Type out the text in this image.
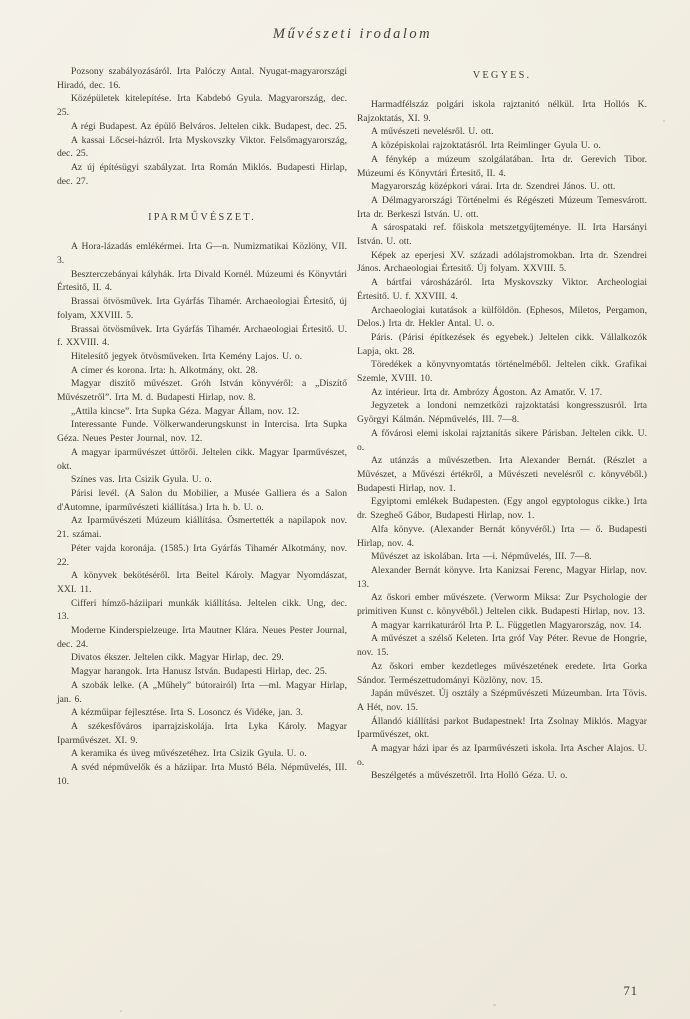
Művészeti irodalom

Pozsony szabályozásáról. Irta Palóczy Antal. Nyugat-magyarországi Hiradó, dec. 16.

Középületek kitelepítése. Irta Kabdebó Gyula. Magyarország, dec. 25.

A régi Budapest. Az épülő Belváros. Jeltelen cikk. Budapest, dec. 25.

A kassai Lőcsei-házról. Irta Myskovszky Viktor. Felsőmagyarország, dec. 25.

Az új építésügyi szabályzat. Irta Román Miklós. Budapesti Hirlap, dec. 27.

IPARMŰVÉSZET.

A Hora-lázadás emlékérmei. Irta G—n. Numizmatikai Közlöny, VII. 3.

Beszterczebányai kályhák. Irta Divald Kornél. Múzeumi és Könyvtári Értesitő, II. 4.

Brassai ötvösművek. Irta Gyárfás Tihamér. Archaeologiai Értesitő, új folyam, XXVIII. 5.

Brassai ötvösművek. Irta Gyárfás Tihamér. Archaeologiai Értesitő. U. f. XXVIII. 4.

Hitelesítő jegyek ötvösműveken. Irta Kemény Lajos. U. o.

A címer és korona. Irta: h. Alkotmány, okt. 28.

Magyar diszítő művészet. Gróh István könyvéről: a „Diszítő Művészetről”. Irta M. d. Budapesti Hirlap, nov. 8.

„Attila kincse”. Irta Supka Géza. Magyar Állam, nov. 12.

Interessante Funde. Völkerwanderungskunst in Intercisa. Irta Supka Géza. Neues Pester Journal, nov. 12.

A magyar iparművészet úttörői. Jeltelen cikk. Magyar Iparművészet, okt.

Színes vas. Irta Csizik Gyula. U. o.

Párisi levél. (A Salon du Mobilier, a Musée Galliera és a Salon d'Automne, iparművészeti kiállítása.) Irta h. b. U. o.

Az Iparművészeti Múzeum kiállítása. Ösmertették a napilapok nov. 21. számai.

Péter vajda koronája. (1585.) Irta Gyárfás Tihamér Alkotmány, nov. 22.

A könyvek bekötéséről. Irta Beitel Károly. Magyar Nyomdászat, XXI. 11.

Cifferi hímző-háziipari munkák kiállítása. Jeltelen cikk. Ung, dec. 13.

Moderne Kinderspielzeuge. Irta Mautner Klára. Neues Pester Journal, dec. 24.

Divatos ékszer. Jeltelen cikk. Magyar Hirlap, dec. 29.

Magyar harangok. Irta Hanusz István. Budapesti Hirlap, dec. 25.

A szobák lelke. (A „Műhely” bútorairól) Irta —ml. Magyar Hirlap, jan. 6.

A kézműipar fejlesztése. Irta S. Losoncz és Vidéke, jan. 3.

A székesfőváros iparrajziskolája. Irta Lyka Károly. Magyar Iparművészet. XI. 9.

A keramika és üveg művészetéhez. Irta Csizik Gyula. U. o.

A svéd népművelők és a háziipar. Irta Mustó Béla. Népművelés, III. 10.

VEGYES.

Harmadfélszáz polgári iskola rajztanitó nélkül. Irta Hollós K. Rajzoktatás, XI. 9.

A művészeti nevelésről. U. ott.

A középiskolai rajzoktatásról. Irta Reimlinger Gyula U. o.

A fénykép a múzeum szolgálatában. Irta dr. Gerevich Tibor. Múzeumi és Könyvtári Értesitő, II. 4.

Magyarország középkori várai. Irta dr. Szendrei János. U. ott.

A Délmagyarországi Történelmi és Régészeti Múzeum Temesvárott. Irta dr. Berkeszi István. U. ott.

A sárospataki ref. főiskola metszetgyűjteménye. II. Irta Harsányi István. U. ott.

Képek az eperjesi XV. századi adólajstromokban. Irta dr. Szendrei János. Archaeologiai Értesitő. Új folyam. XXVIII. 5.

A bártfai városházáról. Irta Myskovszky Viktor. Archeologiai Értesitő. U. f. XXVIII. 4.

Archaeologiai kutatások a külföldön. (Ephesos, Miletos, Pergamon, Delos.) Irta dr. Hekler Antal. U. o.

Páris. (Párisi építkezések és egyebek.) Jeltelen cikk. Vállalkozók Lapja, okt. 28.

Töredékek a könyvnyomtatás történelméből. Jeltelen cikk. Grafikai Szemle, XVIII. 10.

Az intérieur. Irta dr. Ambrózy Ágoston. Az Amatőr. V. 17.

Jegyzetek a londoni nemzetközi rajzoktatási kongresszusról. Irta Györgyi Kálmán. Népművelés, III. 7—8.

A fővárosi elemi iskolai rajztanítás sikere Párisban. Jeltelen cikk. U. o.

Az utánzás a művészetben. Irta Alexander Bernát. (Részlet a Művészet, a Művészi értékről, a Művészeti nevelésről c. könyvéből.) Budapesti Hirlap, nov. 1.

Egyiptomi emlékek Budapesten. (Egy angol egyptologus cikke.) Irta dr. Szegheő Gábor, Budapesti Hirlap, nov. 1.

Alfa könyve. (Alexander Bernát könyvéről.) Irta — ő. Budapesti Hirlap, nov. 4.

Művészet az iskolában. Irta —i. Népművelés, III. 7—8.

Alexander Bernát könyve. Irta Kanizsai Ferenc, Magyar Hirlap, nov. 13.

Az őskori ember művészete. (Verworm Miksa: Zur Psychologie der primitiven Kunst c. könyvéből.) Jeltelen cikk. Budapesti Hirlap, nov. 13.

A magyar karrikaturáról Irta P. L. Független Magyarország, nov. 14.

A művészet a szélső Keleten. Irta gróf Vay Péter. Revue de Hongrie, nov. 15.

Az őskori ember kezdetleges művészetének eredete. Irta Gorka Sándor. Természettudományi Közlöny, nov. 15.

Japán művészet. Új osztály a Szépművészeti Múzeumban. Irta Tövis. A Hét, nov. 15.

Állandó kiállítási parkot Budapestnek! Irta Zsolnay Miklós. Magyar Iparművészet, okt.

A magyar házi ipar és az Iparművészeti iskola. Irta Ascher Alajos. U. o.

Beszélgetés a művészetről. Irta Holló Géza. U. o.

71
